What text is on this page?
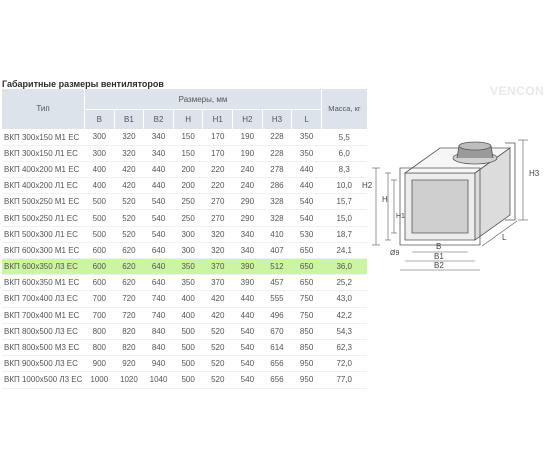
VENCON
Габаритные размеры вентиляторов
Тип	Размеры, мм								Масса, кг
	B	B1	B2	H	H1	H2	H3	L	
ВКП 300х150 М1 ЕС	300	320	340	150	170	190	228	350	5,5
ВКП 300х150 Л1 ЕС	300	320	340	150	170	190	228	350	6,0
ВКП 400х200 М1 ЕС	400	420	440	200	220	240	278	440	8,3
ВКП 400х200 Л1 ЕС	400	420	440	200	220	240	286	440	10,0
ВКП 500х250 М1 ЕС	500	520	540	250	270	290	328	540	15,7
ВКП 500х250 Л1 ЕС	500	520	540	250	270	290	328	540	15,0
ВКП 500х300 Л1 ЕС	500	520	540	300	320	340	410	530	18,7
ВКП 600х300 М1 ЕС	600	620	640	300	320	340	407	650	24,1
ВКП 600х350 Л3 ЕС	600	620	640	350	370	390	512	650	36,0
ВКП 600х350 М1 ЕС	600	620	640	350	370	390	457	650	25,2
ВКП 700х400 Л3 ЕС	700	720	740	400	420	440	555	750	43,0
ВКП 700х400 М1 ЕС	700	720	740	400	420	440	496	750	42,2
ВКП 800х500 Л3 ЕС	800	820	840	500	520	540	670	850	54,3
ВКП 800х500 М3 ЕС	800	820	840	500	520	540	614	850	62,3
ВКП 900х500 Л3 ЕС	900	920	940	500	520	540	656	950	72,0
ВКП 1000х500 Л3 ЕС	1000	1020	1040	500	520	540	656	950	77,0
H3
H2
H
H1
Ø9
B
B1
B2
L
